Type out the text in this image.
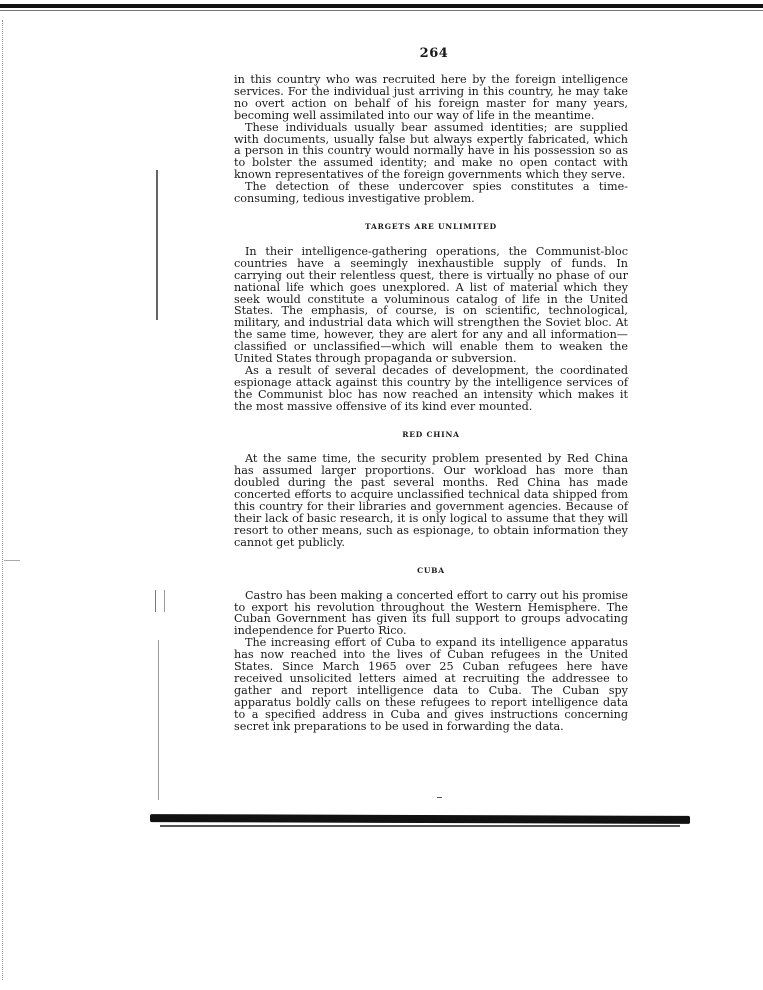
264

in this country who was recruited here by the foreign intelligence services. For the individual just arriving in this country, he may take no overt action on behalf of his foreign master for many years, becoming well assimilated into our way of life in the meantime.

These individuals usually bear assumed identities; are supplied with documents, usually false but always expertly fabricated, which a person in this country would normally have in his possession so as to bolster the assumed identity; and make no open contact with known representatives of the foreign governments which they serve.

The detection of these undercover spies constitutes a time-consuming, tedious investigative problem.

TARGETS ARE UNLIMITED

In their intelligence-gathering operations, the Communist-bloc countries have a seemingly inexhaustible supply of funds. In carrying out their relentless quest, there is virtually no phase of our national life which goes unexplored. A list of material which they seek would constitute a voluminous catalog of life in the United States. The emphasis, of course, is on scientific, technological, military, and industrial data which will strengthen the Soviet bloc. At the same time, however, they are alert for any and all information—classified or unclassified—which will enable them to weaken the United States through propaganda or subversion.

As a result of several decades of development, the coordinated espionage attack against this country by the intelligence services of the Communist bloc has now reached an intensity which makes it the most massive offensive of its kind ever mounted.

RED CHINA

At the same time, the security problem presented by Red China has assumed larger proportions. Our workload has more than doubled during the past several months. Red China has made concerted efforts to acquire unclassified technical data shipped from this country for their libraries and government agencies. Because of their lack of basic research, it is only logical to assume that they will resort to other means, such as espionage, to obtain information they cannot get publicly.

CUBA

Castro has been making a concerted effort to carry out his promise to export his revolution throughout the Western Hemisphere. The Cuban Government has given its full support to groups advocating independence for Puerto Rico.

The increasing effort of Cuba to expand its intelligence apparatus has now reached into the lives of Cuban refugees in the United States. Since March 1965 over 25 Cuban refugees here have received unsolicited letters aimed at recruiting the addressee to gather and report intelligence data to Cuba. The Cuban spy apparatus boldly calls on these refugees to report intelligence data to a specified address in Cuba and gives instructions concerning secret ink preparations to be used in forwarding the data.
